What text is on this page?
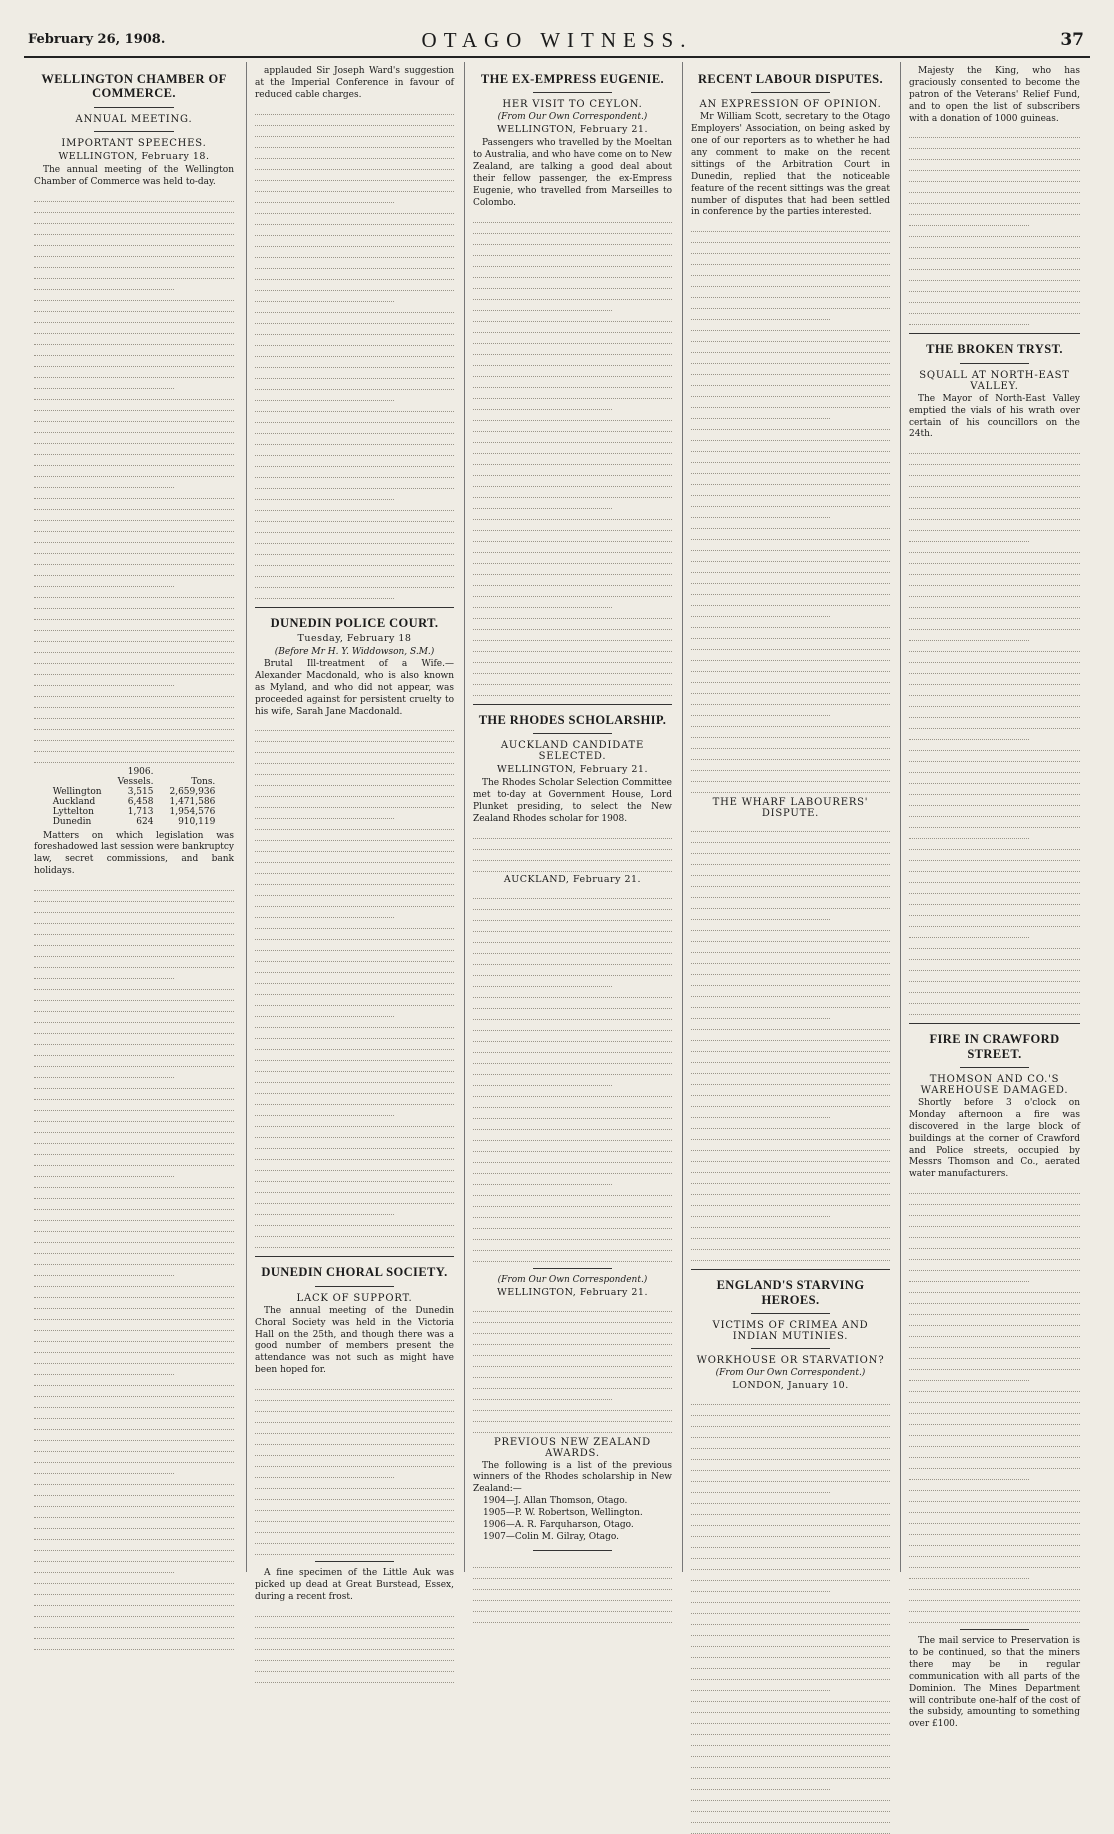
February 26, 1908.	OTAGO WITNESS.	37
WELLINGTON CHAMBER OF COMMERCE.
ANNUAL MEETING.
IMPORTANT SPEECHES.
WELLINGTON, February 18.
The annual meeting of the Wellington Chamber of Commerce was held to-day.
	1906.	
	Vessels.	Tons.
Wellington	3,515	2,659,936
Auckland	6,458	1,471,586
Lyttelton	1,713	1,954,576
Dunedin	624	910,119
Matters on which legislation was foreshadowed last session were bankruptcy law, secret commissions, and bank holidays.
applauded Sir Joseph Ward's suggestion at the Imperial Conference in favour of reduced cable charges.
DUNEDIN POLICE COURT.
Tuesday, February 18
(Before Mr H. Y. Widdowson, S.M.)
Brutal Ill-treatment of a Wife.—Alexander Macdonald, who is also known as Myland, and who did not appear, was proceeded against for persistent cruelty to his wife, Sarah Jane Macdonald.
DUNEDIN CHORAL SOCIETY.
LACK OF SUPPORT.
The annual meeting of the Dunedin Choral Society was held in the Victoria Hall on the 25th, and though there was a good number of members present the attendance was not such as might have been hoped for.
A fine specimen of the Little Auk was picked up dead at Great Burstead, Essex, during a recent frost.
THE EX-EMPRESS EUGENIE.
HER VISIT TO CEYLON.
(From Our Own Correspondent.)
WELLINGTON, February 21.
Passengers who travelled by the Moeltan to Australia, and who have come on to New Zealand, are talking a good deal about their fellow passenger, the ex-Empress Eugenie, who travelled from Marseilles to Colombo.
THE RHODES SCHOLARSHIP.
AUCKLAND CANDIDATE SELECTED.
WELLINGTON, February 21.
The Rhodes Scholar Selection Committee met to-day at Government House, Lord Plunket presiding, to select the New Zealand Rhodes scholar for 1908.
AUCKLAND, February 21.
(From Our Own Correspondent.)
WELLINGTON, February 21.
PREVIOUS NEW ZEALAND AWARDS.
The following is a list of the previous winners of the Rhodes scholarship in New Zealand:—
1904—J. Allan Thomson, Otago.
1905—P. W. Robertson, Wellington.
1906—A. R. Farquharson, Otago.
1907—Colin M. Gilray, Otago.
RECENT LABOUR DISPUTES.
AN EXPRESSION OF OPINION.
Mr William Scott, secretary to the Otago Employers' Association, on being asked by one of our reporters as to whether he had any comment to make on the recent sittings of the Arbitration Court in Dunedin, replied that the noticeable feature of the recent sittings was the great number of disputes that had been settled in conference by the parties interested.
THE WHARF LABOURERS' DISPUTE.
ENGLAND'S STARVING HEROES.
VICTIMS OF CRIMEA AND INDIAN MUTINIES.
WORKHOUSE OR STARVATION?
(From Our Own Correspondent.)
LONDON, January 10.
Majesty the King, who has graciously consented to become the patron of the Veterans' Relief Fund, and to open the list of subscribers with a donation of 1000 guineas.
THE BROKEN TRYST.
SQUALL AT NORTH-EAST VALLEY.
The Mayor of North-East Valley emptied the vials of his wrath over certain of his councillors on the 24th.
FIRE IN CRAWFORD STREET.
THOMSON AND CO.'S WAREHOUSE DAMAGED.
Shortly before 3 o'clock on Monday afternoon a fire was discovered in the large block of buildings at the corner of Crawford and Police streets, occupied by Messrs Thomson and Co., aerated water manufacturers.
The mail service to Preservation is to be continued, so that the miners there may be in regular communication with all parts of the Dominion. The Mines Department will contribute one-half of the cost of the subsidy, amounting to something over £100.
